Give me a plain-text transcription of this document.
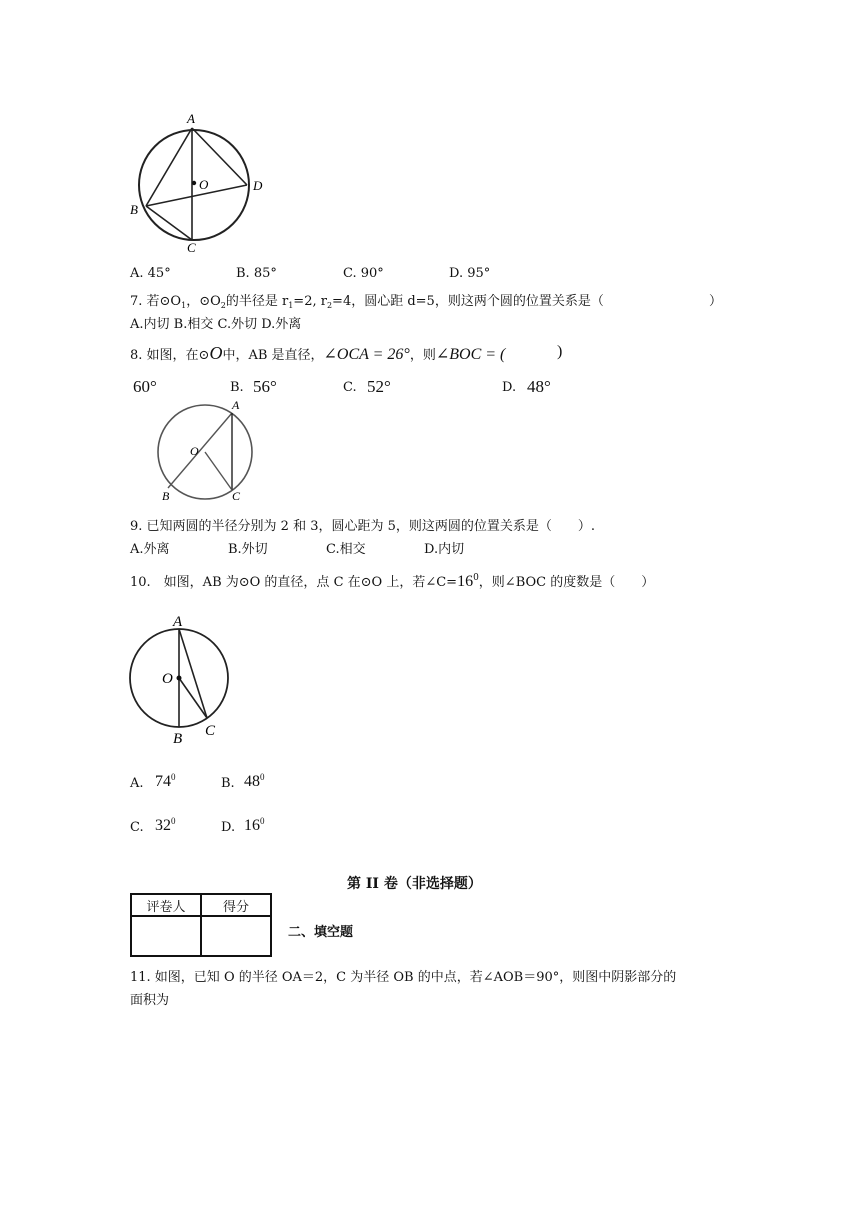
A
O	D
B
C
A. 45°	B. 85°	C. 90°	D. 95°
7. 若$⊙O_1$，$⊙O_2$的半径是 $r_1=2$, $r_2=4$，圆心距 d=5，则这两个圆的位置关系是（	）
A.内切 B.相交 C.外切 D.外离
8. 如图，在⊙O中，AB 是直径，∠OCA = 26°，则∠BOC = (	)
60°	B. 56°	C. 52°	D. 48°
A
O
B	C
9. 已知两圆的半径分别为 2 和 3，圆心距为 5，则这两圆的位置关系是（　　）.
A.外离	B.外切	C.相交	D.内切
10.　如图，AB 为⊙O 的直径，点 C 在⊙O 上，若$\angle C=16^0$，则∠BOC 的度数是（　　）
A
O
B C
A. $74^0$	B. $48^0$
C. $32^0$	D. $16^0$
第 II 卷（非选择题）
评卷人	得分

二、填空题
11. 如图，已知 O 的半径 OA＝2，C 为半径 OB 的中点，若∠AOB＝90°，则图中阴影部分的
面积为
